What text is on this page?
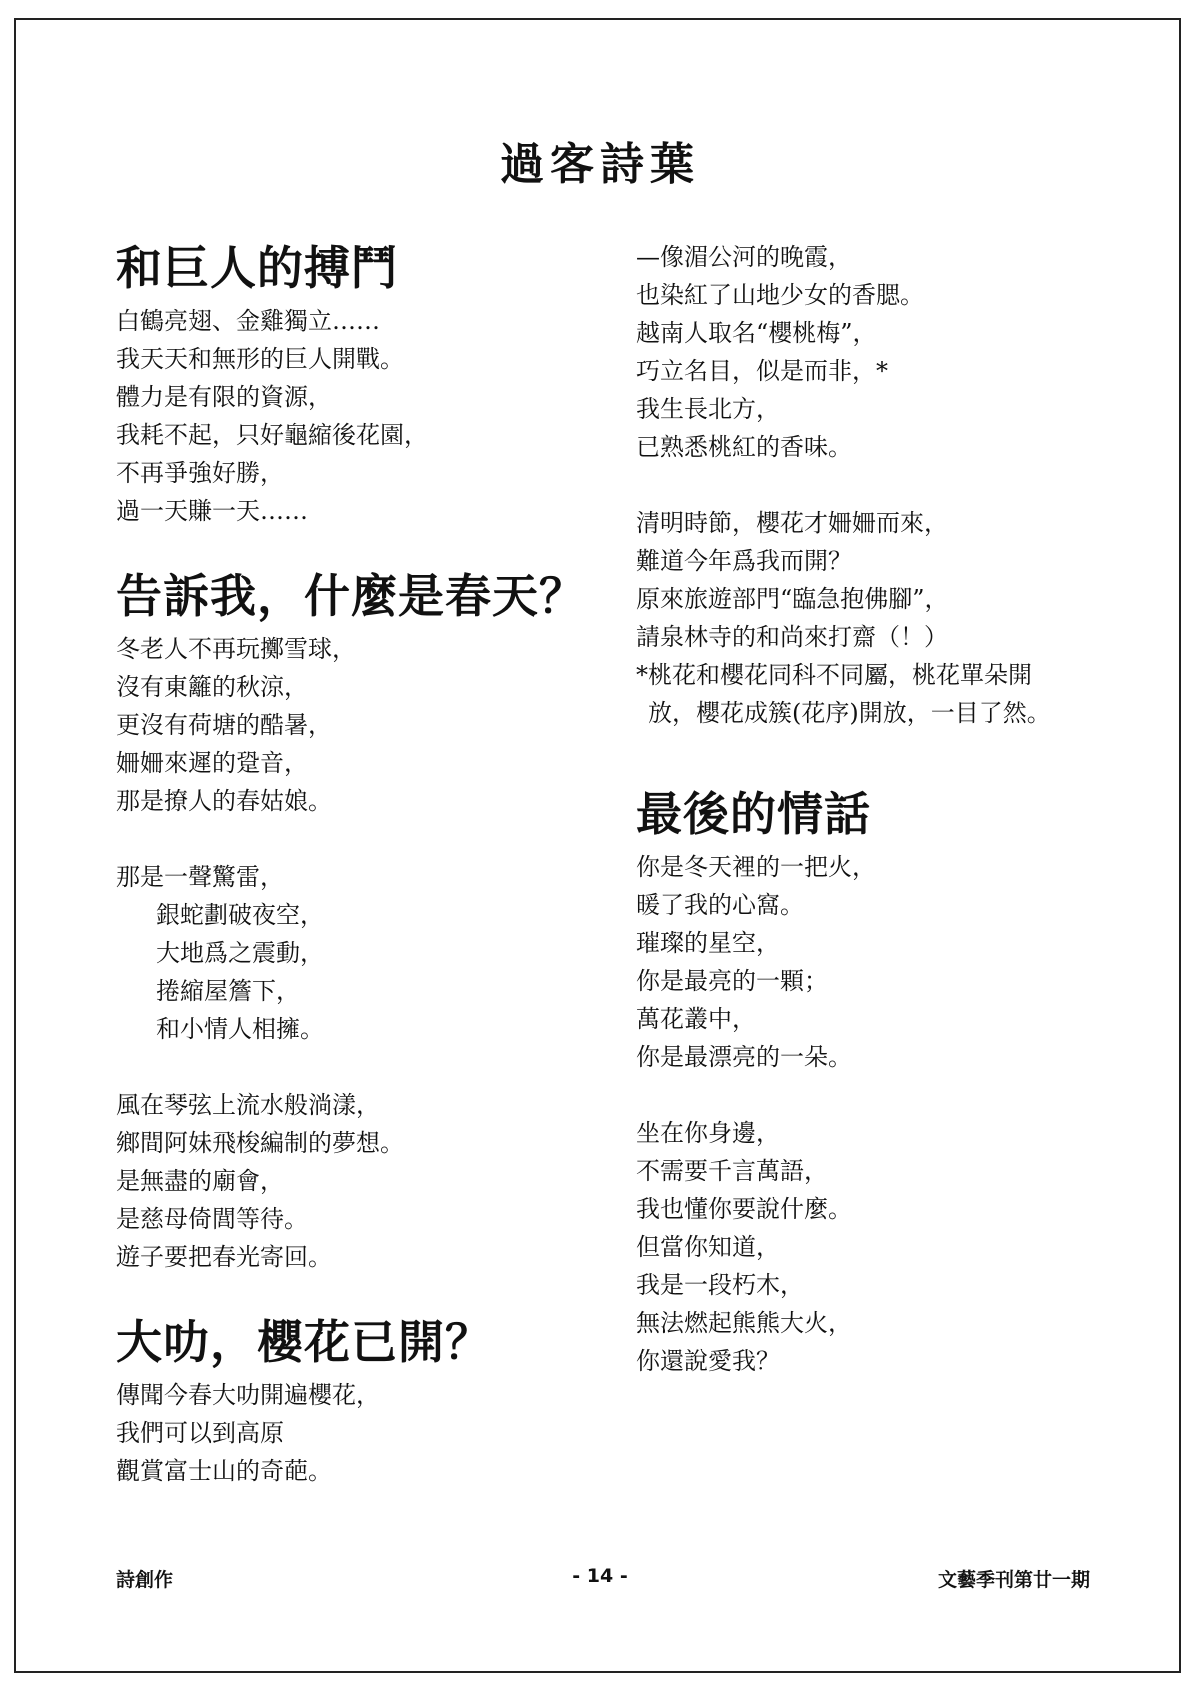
過客詩葉
和巨人的搏鬥
白鶴亮翅、金雞獨立……
我天天和無形的巨人開戰。
體力是有限的資源，
我耗不起，只好龜縮後花園，
不再爭強好勝，
過一天賺一天……
告訴我，什麼是春天？
冬老人不再玩擲雪球，
沒有東籬的秋涼，
更沒有荷塘的酷暑，
姍姍來遲的跫音，
那是撩人的春姑娘。
那是一聲驚雷，
銀蛇劃破夜空，
大地爲之震動，
捲縮屋簷下，
和小情人相擁。
風在琴弦上流水般淌漾，
鄉間阿妹飛梭編制的夢想。
是無盡的廟會，
是慈母倚閭等待。
遊子要把春光寄回。
大叻，櫻花已開？
傳聞今春大叻開遍櫻花，
我們可以到高原
觀賞富士山的奇葩。
—像湄公河的晚霞，
也染紅了山地少女的香腮。
越南人取名“櫻桃梅”，
巧立名目，似是而非，*
我生長北方，
已熟悉桃紅的香味。
清明時節，櫻花才姍姍而來，
難道今年爲我而開？
原來旅遊部門“臨急抱佛腳”，
請泉林寺的和尚來打齋（！）
*桃花和櫻花同科不同屬，桃花單朵開
放，櫻花成簇(花序)開放，一目了然。
最後的情話
你是冬天裡的一把火，
暖了我的心窩。
璀璨的星空，
你是最亮的一顆；
萬花叢中，
你是最漂亮的一朵。
坐在你身邊，
不需要千言萬語，
我也懂你要說什麼。
但當你知道，
我是一段朽木，
無法燃起熊熊大火，
你還說愛我？
詩創作	- 14 -	文藝季刊第廿一期
